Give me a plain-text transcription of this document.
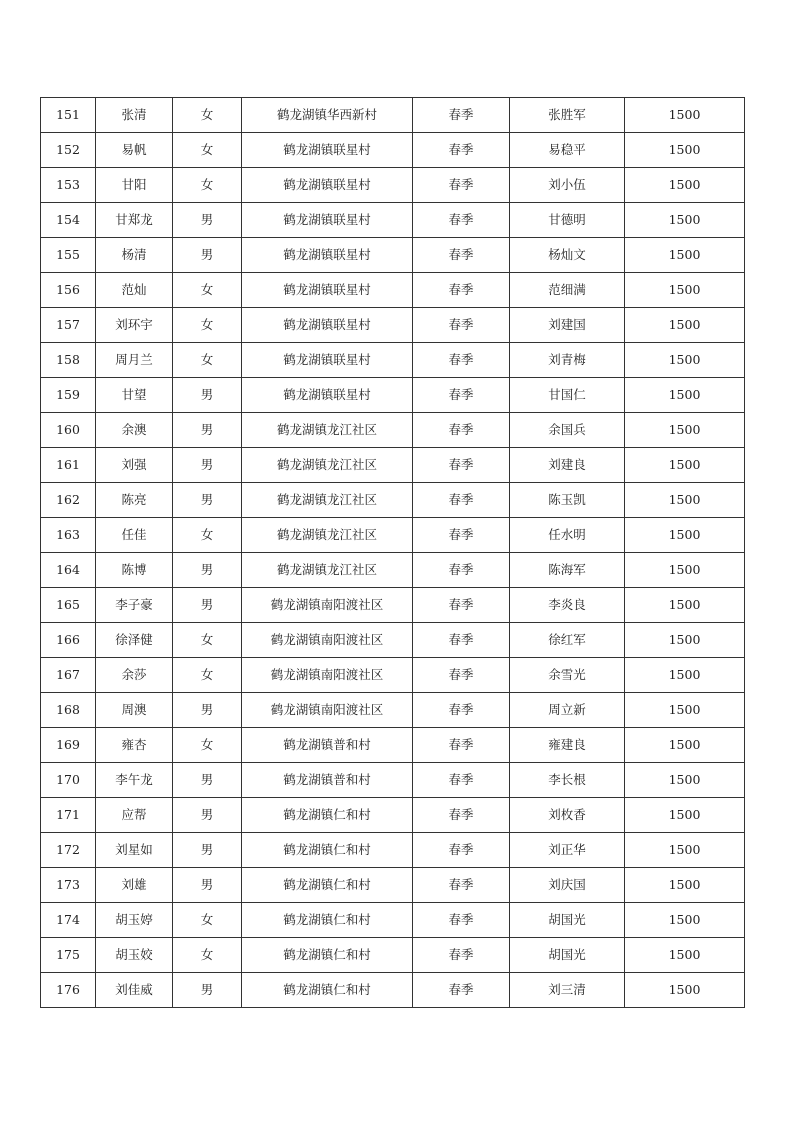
151	张清	女	鹤龙湖镇华西新村	春季	张胜军	1500
152	易帆	女	鹤龙湖镇联星村	春季	易稳平	1500
153	甘阳	女	鹤龙湖镇联星村	春季	刘小伍	1500
154	甘郑龙	男	鹤龙湖镇联星村	春季	甘德明	1500
155	杨清	男	鹤龙湖镇联星村	春季	杨灿文	1500
156	范灿	女	鹤龙湖镇联星村	春季	范细满	1500
157	刘环宇	女	鹤龙湖镇联星村	春季	刘建国	1500
158	周月兰	女	鹤龙湖镇联星村	春季	刘青梅	1500
159	甘望	男	鹤龙湖镇联星村	春季	甘国仁	1500
160	余澳	男	鹤龙湖镇龙江社区	春季	余国兵	1500
161	刘强	男	鹤龙湖镇龙江社区	春季	刘建良	1500
162	陈亮	男	鹤龙湖镇龙江社区	春季	陈玉凯	1500
163	任佳	女	鹤龙湖镇龙江社区	春季	任水明	1500
164	陈博	男	鹤龙湖镇龙江社区	春季	陈海军	1500
165	李子豪	男	鹤龙湖镇南阳渡社区	春季	李炎良	1500
166	徐泽健	女	鹤龙湖镇南阳渡社区	春季	徐红军	1500
167	余莎	女	鹤龙湖镇南阳渡社区	春季	余雪光	1500
168	周澳	男	鹤龙湖镇南阳渡社区	春季	周立新	1500
169	雍杏	女	鹤龙湖镇普和村	春季	雍建良	1500
170	李午龙	男	鹤龙湖镇普和村	春季	李长根	1500
171	应帮	男	鹤龙湖镇仁和村	春季	刘枚香	1500
172	刘星如	男	鹤龙湖镇仁和村	春季	刘正华	1500
173	刘雄	男	鹤龙湖镇仁和村	春季	刘庆国	1500
174	胡玉婷	女	鹤龙湖镇仁和村	春季	胡国光	1500
175	胡玉姣	女	鹤龙湖镇仁和村	春季	胡国光	1500
176	刘佳威	男	鹤龙湖镇仁和村	春季	刘三清	1500
